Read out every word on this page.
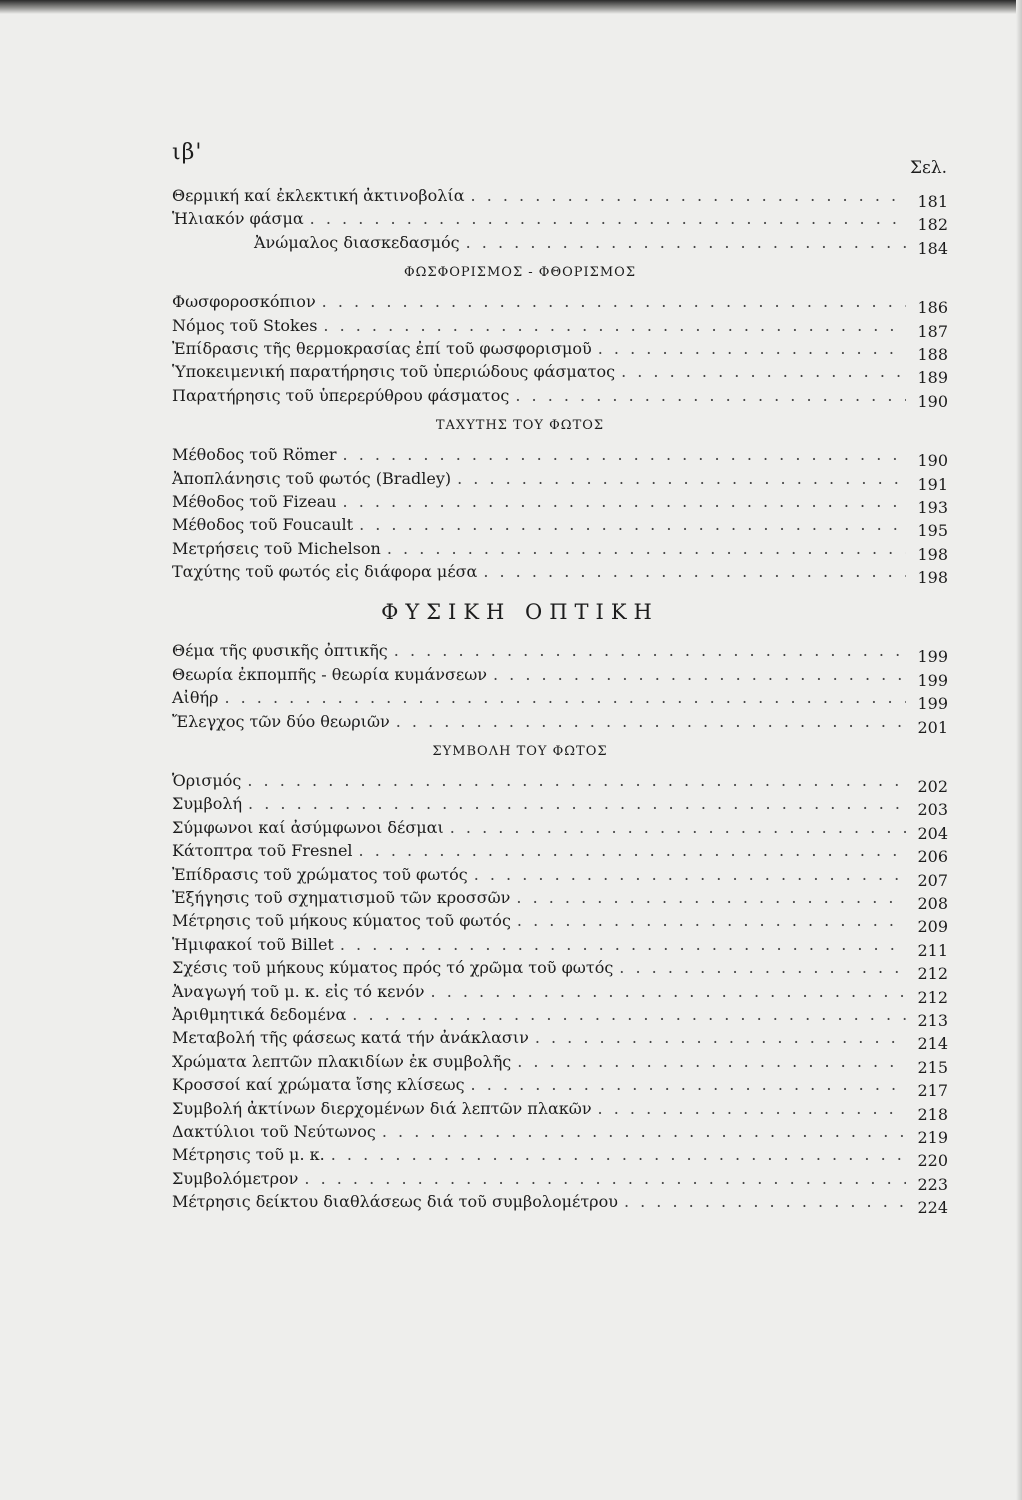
ιβ'
Σελ.
Θερμική καί ἐκλεκτική ἀκτινοβολία . . .	181
Ἡλιακόν φάσμα . . .	182
Ἀνώμαλος διασκεδασμός . . .	184
ΦΩΣΦΟΡΙΣΜΟΣ - ΦΘΟΡΙΣΜΟΣ
Φωσφοροσκόπιον . . .	186
Νόμος τοῦ Stokes . . .	187
Ἐπίδρασις τῆς θερμοκρασίας ἐπί τοῦ φωσφορισμοῦ . . .	188
Ὑποκειμενική παρατήρησις τοῦ ὑπεριώδους φάσματος . . .	189
Παρατήρησις τοῦ ὑπερερύθρου φάσματος . . .	190
ΤΑΧΥΤΗΣ ΤΟΥ ΦΩΤΟΣ
Μέθοδος τοῦ Römer . . .	190
Ἀποπλάνησις τοῦ φωτός (Bradley) . . .	191
Μέθοδος τοῦ Fizeau . . .	193
Μέθοδος τοῦ Foucault . . .	195
Μετρήσεις τοῦ Michelson . . .	198
Ταχύτης τοῦ φωτός εἰς διάφορα μέσα . . .	198
ΦΥΣΙΚΗ ΟΠΤΙΚΗ
Θέμα τῆς φυσικῆς ὀπτικῆς . . .	199
Θεωρία ἐκπομπῆς - θεωρία κυμάνσεων . . .	199
Αἰθήρ . . .	199
Ἔλεγχος τῶν δύο θεωριῶν . . .	201
ΣΥΜΒΟΛΗ ΤΟΥ ΦΩΤΟΣ
Ὁρισμός . . .	202
Συμβολή . . .	203
Σύμφωνοι καί ἀσύμφωνοι δέσμαι . . .	204
Κάτοπτρα τοῦ Fresnel . . .	206
Ἐπίδρασις τοῦ χρώματος τοῦ φωτός . . .	207
Ἐξήγησις τοῦ σχηματισμοῦ τῶν κροσσῶν . . .	208
Μέτρησις τοῦ μήκους κύματος τοῦ φωτός . . .	209
Ἡμιφακοί τοῦ Billet . . .	211
Σχέσις τοῦ μήκους κύματος πρός τό χρῶμα τοῦ φωτός . . .	212
Ἀναγωγή τοῦ μ. κ. εἰς τό κενόν . . .	212
Ἀριθμητικά δεδομένα . . .	213
Μεταβολή τῆς φάσεως κατά τήν ἀνάκλασιν . . .	214
Χρώματα λεπτῶν πλακιδίων ἐκ συμβολῆς . . .	215
Κροσσοί καί χρώματα ἴσης κλίσεως . . .	217
Συμβολή ἀκτίνων διερχομένων διά λεπτῶν πλακῶν . . .	218
Δακτύλιοι τοῦ Νεύτωνος . . .	219
Μέτρησις τοῦ μ. κ. . . .	220
Συμβολόμετρον . . .	223
Μέτρησις δείκτου διαθλάσεως διά τοῦ συμβολομέτρου . . .	224
